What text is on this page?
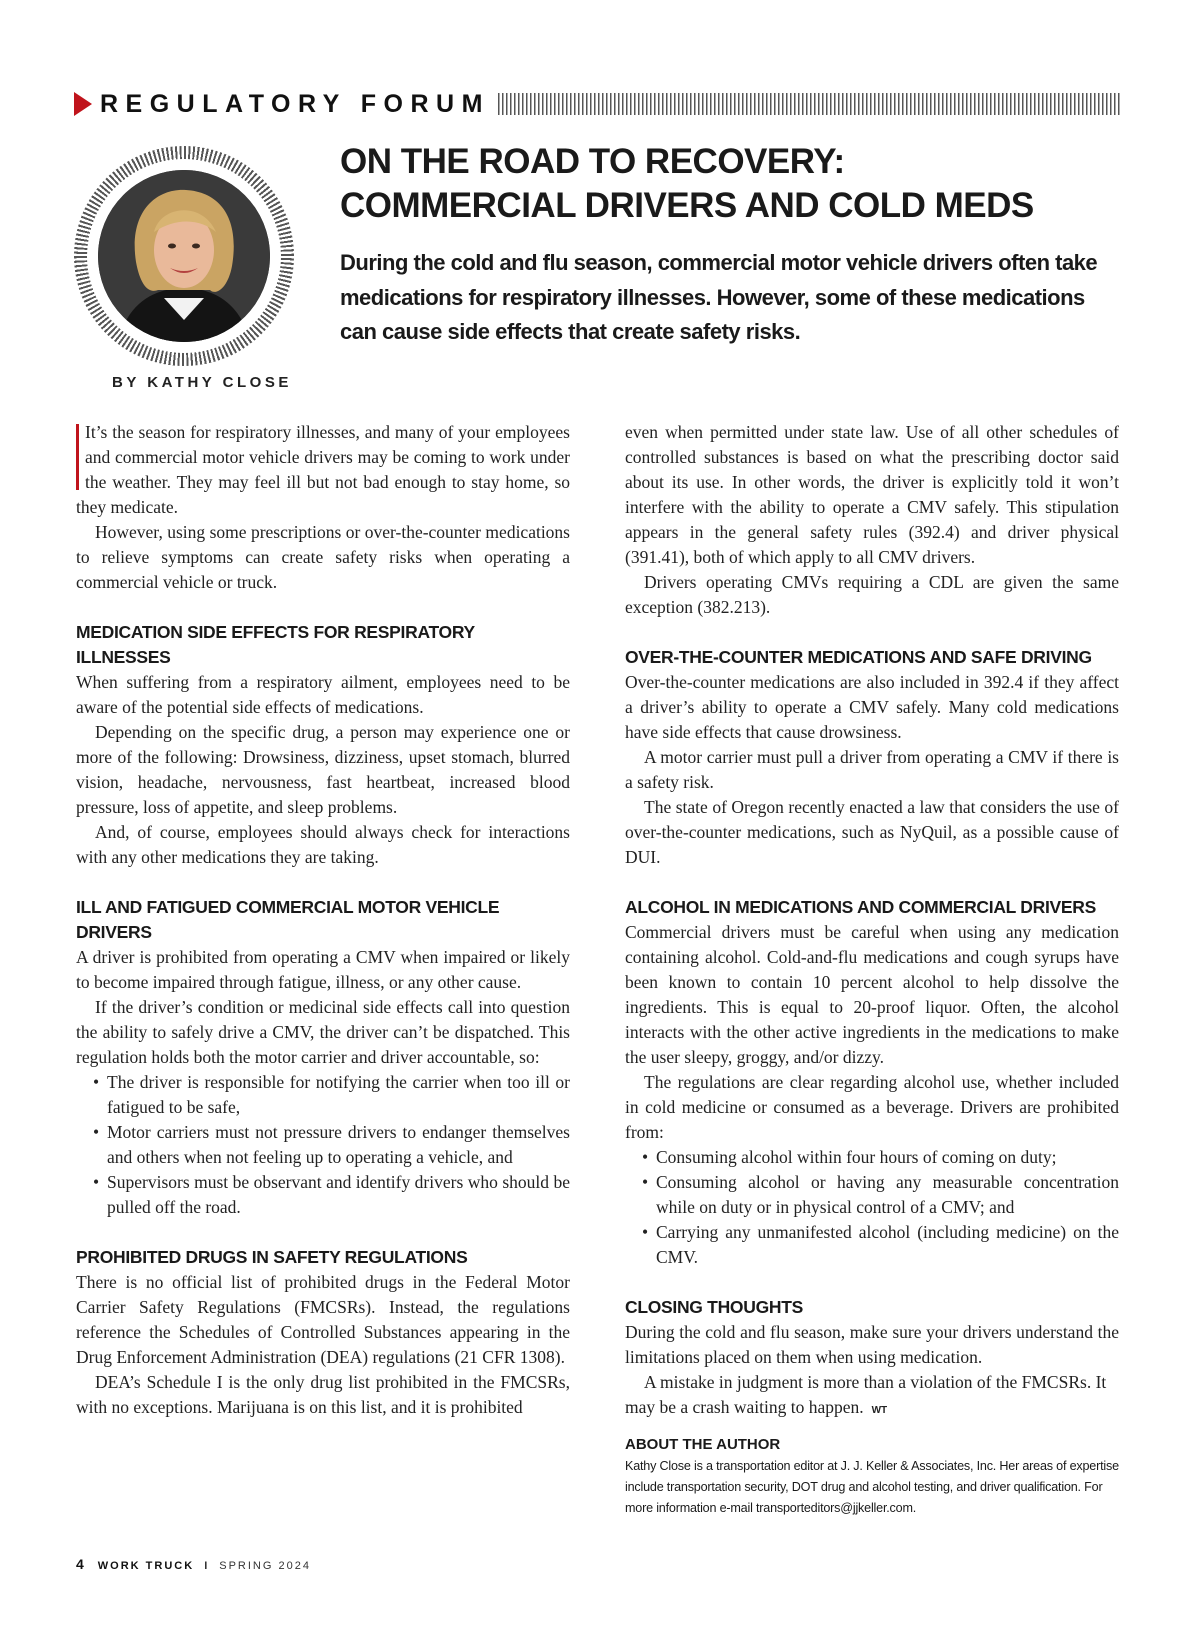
REGULATORY FORUM
BY KATHY CLOSE
ON THE ROAD TO RECOVERY:
COMMERCIAL DRIVERS AND COLD MEDS

During the cold and flu season, commercial motor vehicle drivers often take
medications for respiratory illnesses. However, some of these medications
can cause side effects that create safety risks.

It’s the season for respiratory illnesses, and many of your employees and commercial motor vehicle drivers may be coming to work under the weather. They may feel ill but not bad enough to stay home, so they medicate.

However, using some prescriptions or over-the-counter medications to relieve symptoms can create safety risks when operating a commercial vehicle or truck.

MEDICATION SIDE EFFECTS FOR RESPIRATORY ILLNESSES

When suffering from a respiratory ailment, employees need to be aware of the potential side effects of medications.

Depending on the specific drug, a person may experience one or more of the following: Drowsiness, dizziness, upset stomach, blurred vision, headache, nervousness, fast heartbeat, increased blood pressure, loss of appetite, and sleep problems.

And, of course, employees should always check for interactions with any other medications they are taking.

ILL AND FATIGUED COMMERCIAL MOTOR VEHICLE DRIVERS

A driver is prohibited from operating a CMV when impaired or likely to become impaired through fatigue, illness, or any other cause.

If the driver’s condition or medicinal side effects call into question the ability to safely drive a CMV, the driver can’t be dispatched. This regulation holds both the motor carrier and driver accountable, so:

• The driver is responsible for notifying the carrier when too ill or fatigued to be safe,
• Motor carriers must not pressure drivers to endanger themselves and others when not feeling up to operating a vehicle, and
• Supervisors must be observant and identify drivers who should be pulled off the road.
PROHIBITED DRUGS IN SAFETY REGULATIONS

There is no official list of prohibited drugs in the Federal Motor Carrier Safety Regulations (FMCSRs). Instead, the regulations reference the Schedules of Controlled Substances appearing in the Drug Enforcement Administration (DEA) regulations (21 CFR 1308).

DEA’s Schedule I is the only drug list prohibited in the FMCSRs, with no exceptions. Marijuana is on this list, and it is prohibited

even when permitted under state law. Use of all other schedules of controlled substances is based on what the prescribing doctor said about its use. In other words, the driver is explicitly told it won’t interfere with the ability to operate a CMV safely. This stipulation appears in the general safety rules (392.4) and driver physical (391.41), both of which apply to all CMV drivers.

Drivers operating CMVs requiring a CDL are given the same exception (382.213).

OVER-THE-COUNTER MEDICATIONS AND SAFE DRIVING

Over-the-counter medications are also included in 392.4 if they affect a driver’s ability to operate a CMV safely. Many cold medications have side effects that cause drowsiness.

A motor carrier must pull a driver from operating a CMV if there is a safety risk.

The state of Oregon recently enacted a law that considers the use of over-the-counter medications, such as NyQuil, as a possible cause of DUI.

ALCOHOL IN MEDICATIONS AND COMMERCIAL DRIVERS

Commercial drivers must be careful when using any medication containing alcohol. Cold-and-flu medications and cough syrups have been known to contain 10 percent alcohol to help dissolve the ingredients. This is equal to 20-proof liquor. Often, the alcohol interacts with the other active ingredients in the medications to make the user sleepy, groggy, and/or dizzy.

The regulations are clear regarding alcohol use, whether included in cold medicine or consumed as a beverage. Drivers are prohibited from:

• Consuming alcohol within four hours of coming on duty;
• Consuming alcohol or having any measurable concentration while on duty or in physical control of a CMV; and
• Carrying any unmanifested alcohol (including medicine) on the CMV.
CLOSING THOUGHTS

During the cold and flu season, make sure your drivers understand the limitations placed on them when using medication.

A mistake in judgment is more than a violation of the FMCSRs. It may be a crash waiting to happen. WT

ABOUT THE AUTHOR
Kathy Close is a transportation editor at J. J. Keller & Associates, Inc. Her areas of expertise include transportation security, DOT drug and alcohol testing, and driver qualification. For more information e-mail transporteditors@jjkeller.com.
4 WORK TRUCK I SPRING 2024
